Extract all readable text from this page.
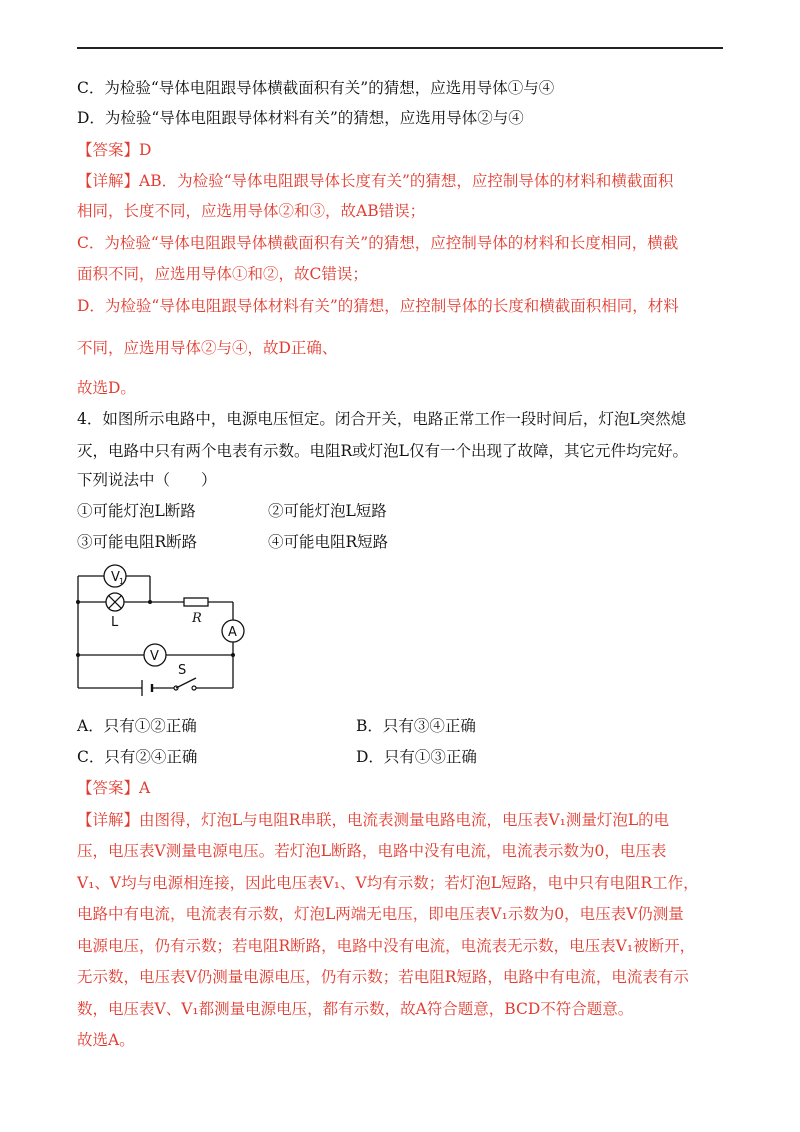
C．为检验“导体电阻跟导体横截面积有关”的猜想，应选用导体①与④
D．为检验“导体电阻跟导体材料有关”的猜想，应选用导体②与④
【答案】D
【详解】AB．为检验“导体电阻跟导体长度有关”的猜想，应控制导体的材料和横截面积
相同，长度不同，应选用导体②和③，故AB错误；
C．为检验“导体电阻跟导体横截面积有关”的猜想，应控制导体的材料和长度相同，横截
面积不同，应选用导体①和②，故C错误；
D．为检验“导体电阻跟导体材料有关”的猜想，应控制导体的长度和横截面积相同，材料
不同，应选用导体②与④，故D正确、
故选D。
4．如图所示电路中，电源电压恒定。闭合开关，电路正常工作一段时间后，灯泡L突然熄
灭，电路中只有两个电表有示数。电阻R或灯泡L仅有一个出现了故障，其它元件均完好。
下列说法中（　　）
①可能灯泡L断路	②可能灯泡L短路
③可能电阻R断路	④可能电阻R短路
V 1
L	R
A
V
S
A．只有①②正确	B．只有③④正确
C．只有②④正确	D．只有①③正确
【答案】A
【详解】由图得，灯泡L与电阻R串联，电流表测量电路电流，电压表V₁测量灯泡L的电
压，电压表V测量电源电压。若灯泡L断路，电路中没有电流，电流表示数为0，电压表
V₁、V均与电源相连接，因此电压表V₁、V均有示数；若灯泡L短路，电中只有电阻R工作，
电路中有电流，电流表有示数，灯泡L两端无电压，即电压表V₁示数为0，电压表V仍测量
电源电压，仍有示数；若电阻R断路，电路中没有电流，电流表无示数，电压表V₁被断开，
无示数，电压表V仍测量电源电压，仍有示数；若电阻R短路，电路中有电流，电流表有示
数，电压表V、V₁都测量电源电压，都有示数，故A符合题意，BCD不符合题意。
故选A。
